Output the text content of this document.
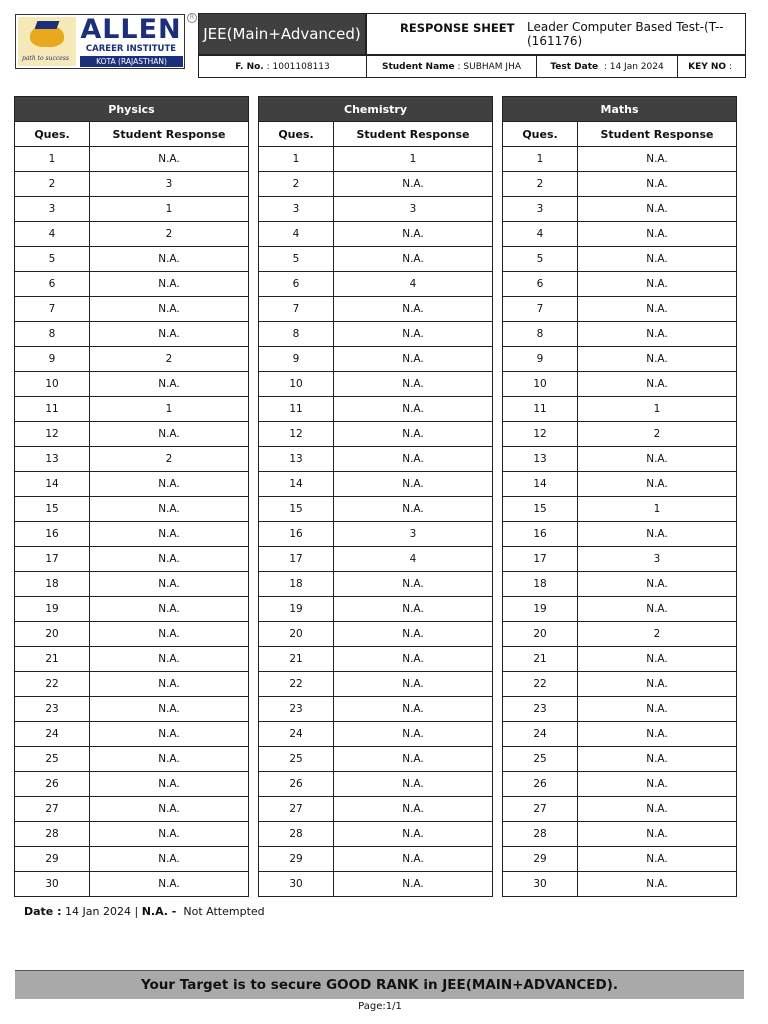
path to success
ALLEN
CAREER INSTITUTE
KOTA (RAJASTHAN)
R
JEE(Main+Advanced)	RESPONSE SHEET	Leader Computer Based Test-(T--(161176)
F. No. : 1001108113	Student Name : SUBHAM JHA	Test Date : 14 Jan 2024	KEY NO :
Physics	
Ques.	Student Response
1	N.A.
2	3
3	1
4	2
5	N.A.
6	N.A.
7	N.A.
8	N.A.
9	2
10	N.A.
11	1
12	N.A.
13	2
14	N.A.
15	N.A.
16	N.A.
17	N.A.
18	N.A.
19	N.A.
20	N.A.
21	N.A.
22	N.A.
23	N.A.
24	N.A.
25	N.A.
26	N.A.
27	N.A.
28	N.A.
29	N.A.
30	N.A.
Chemistry	
Ques.	Student Response
1	1
2	N.A.
3	3
4	N.A.
5	N.A.
6	4
7	N.A.
8	N.A.
9	N.A.
10	N.A.
11	N.A.
12	N.A.
13	N.A.
14	N.A.
15	N.A.
16	3
17	4
18	N.A.
19	N.A.
20	N.A.
21	N.A.
22	N.A.
23	N.A.
24	N.A.
25	N.A.
26	N.A.
27	N.A.
28	N.A.
29	N.A.
30	N.A.
Maths	
Ques.	Student Response
1	N.A.
2	N.A.
3	N.A.
4	N.A.
5	N.A.
6	N.A.
7	N.A.
8	N.A.
9	N.A.
10	N.A.
11	1
12	2
13	N.A.
14	N.A.
15	1
16	N.A.
17	3
18	N.A.
19	N.A.
20	2
21	N.A.
22	N.A.
23	N.A.
24	N.A.
25	N.A.
26	N.A.
27	N.A.
28	N.A.
29	N.A.
30	N.A.
Date : 14 Jan 2024 | N.A. - Not Attempted
Your Target is to secure GOOD RANK in JEE(MAIN+ADVANCED).
Page:1/1
